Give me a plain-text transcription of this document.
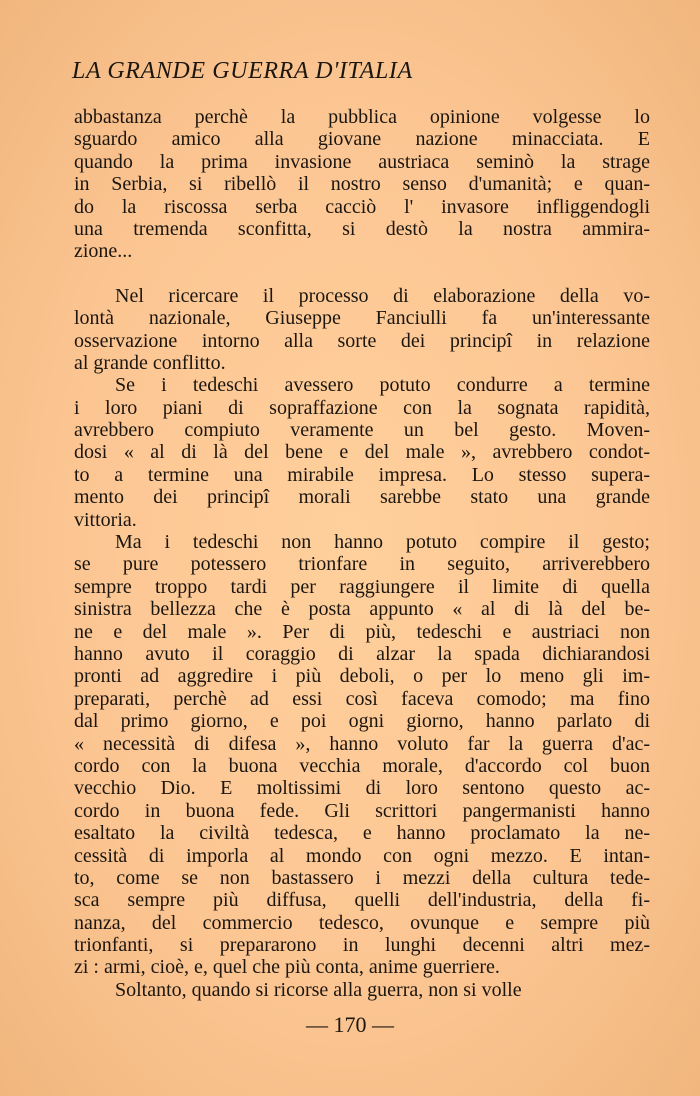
LA GRANDE GUERRA D'ITALIA
abbastanza perchè la pubblica opinione volgesse lo
sguardo amico alla giovane nazione minacciata. E
quando la prima invasione austriaca seminò la strage
in Serbia, si ribellò il nostro senso d'umanità; e quan-
do la riscossa serba cacciò l' invasore infliggendogli
una tremenda sconfitta, si destò la nostra ammira-
zione...
Nel ricercare il processo di elaborazione della vo-
lontà nazionale, Giuseppe Fanciulli fa un'interessante
osservazione intorno alla sorte dei principî in relazione
al grande conflitto.
Se i tedeschi avessero potuto condurre a termine
i loro piani di sopraffazione con la sognata rapidità,
avrebbero compiuto veramente un bel gesto. Moven-
dosi « al di là del bene e del male », avrebbero condot-
to a termine una mirabile impresa. Lo stesso supera-
mento dei principî morali sarebbe stato una grande
vittoria.
Ma i tedeschi non hanno potuto compire il gesto;
se pure potessero trionfare in seguito, arriverebbero
sempre troppo tardi per raggiungere il limite di quella
sinistra bellezza che è posta appunto « al di là del be-
ne e del male ». Per di più, tedeschi e austriaci non
hanno avuto il coraggio di alzar la spada dichiarandosi
pronti ad aggredire i più deboli, o per lo meno gli im-
preparati, perchè ad essi così faceva comodo; ma fino
dal primo giorno, e poi ogni giorno, hanno parlato di
« necessità di difesa », hanno voluto far la guerra d'ac-
cordo con la buona vecchia morale, d'accordo col buon
vecchio Dio. E moltissimi di loro sentono questo ac-
cordo in buona fede. Gli scrittori pangermanisti hanno
esaltato la civiltà tedesca, e hanno proclamato la ne-
cessità di imporla al mondo con ogni mezzo. E intan-
to, come se non bastassero i mezzi della cultura tede-
sca sempre più diffusa, quelli dell'industria, della fi-
nanza, del commercio tedesco, ovunque e sempre più
trionfanti, si prepararono in lunghi decenni altri mez-
zi : armi, cioè, e, quel che più conta, anime guerriere.
Soltanto, quando si ricorse alla guerra, non si volle
— 170 —
